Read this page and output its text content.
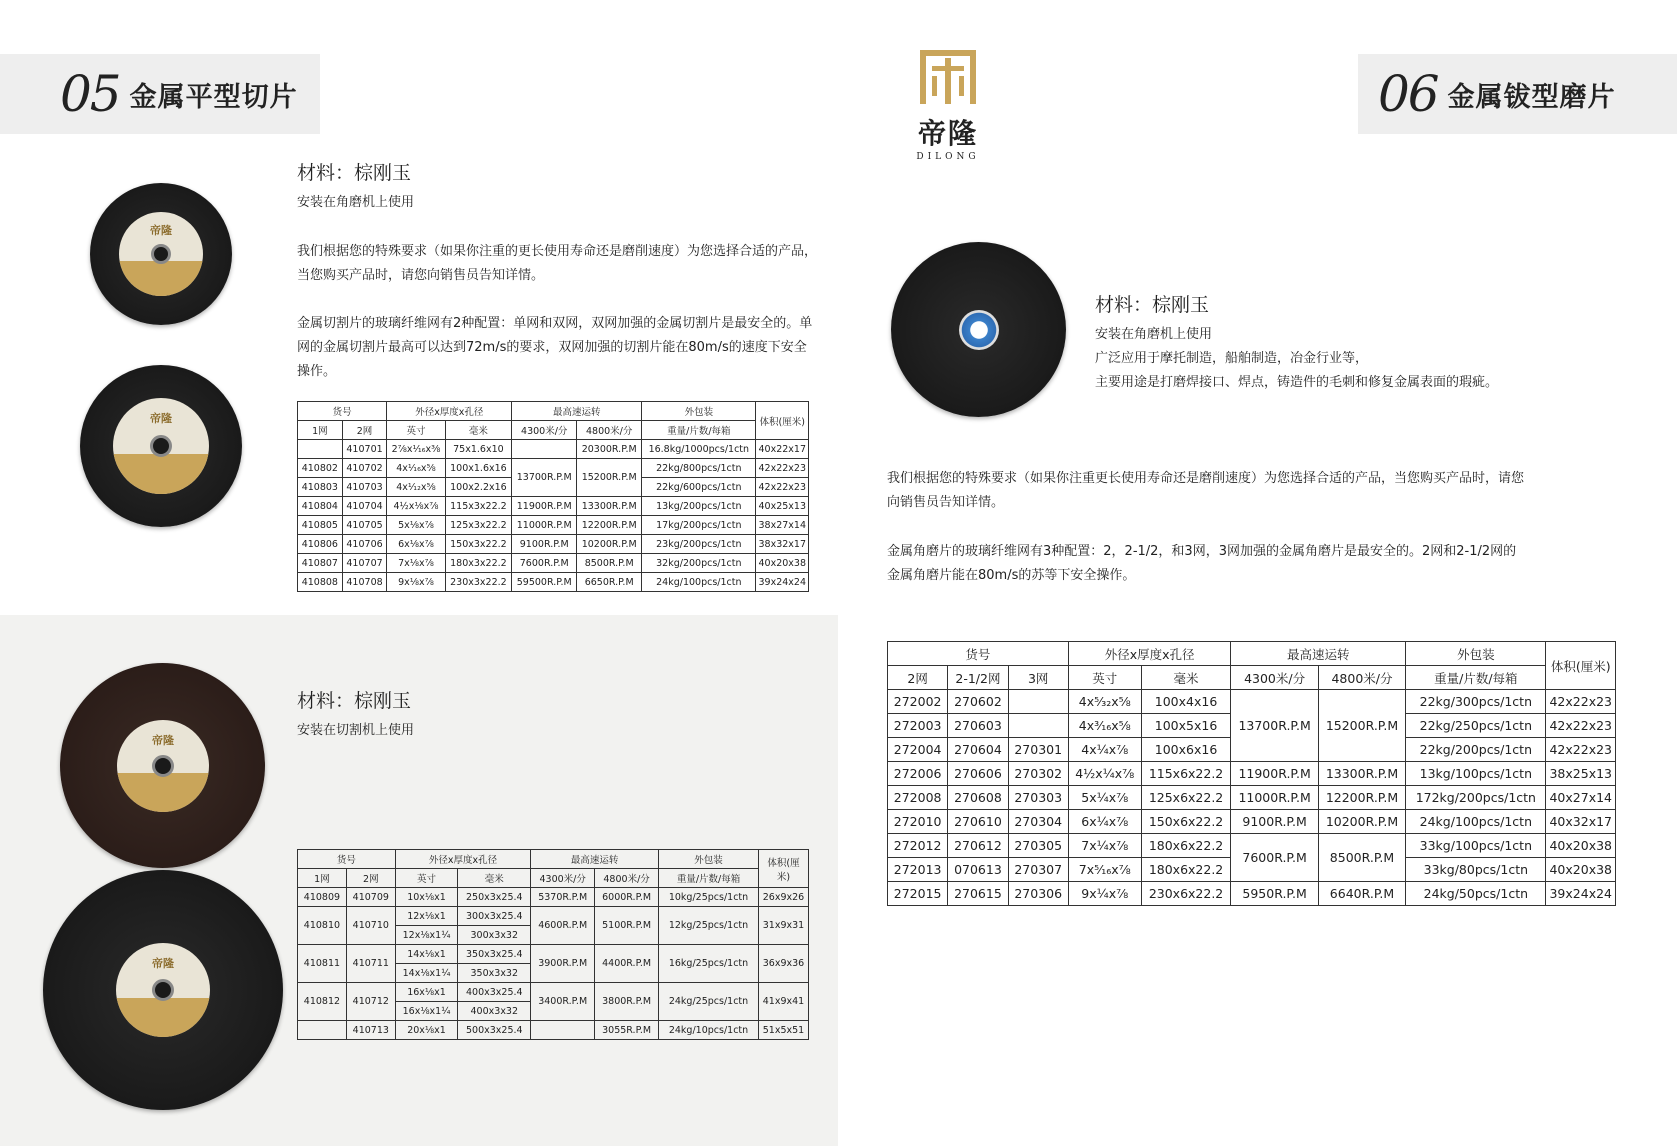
05 金属平型切片	06 金属钹型磨片
帝隆
DILONG
帝隆
帝隆
帝隆
帝隆
材料：棕刚玉
安装在角磨机上使用
我们根据您的特殊要求（如果你注重的更长使用寿命还是磨削速度）为您选择合适的产品，当您购买产品时，请您向销售员告知详情。
金属切割片的玻璃纤维网有2种配置：单网和双网，双网加强的金属切割片是最安全的。单网的金属切割片最高可以达到72m/s的要求，双网加强的切割片能在80m/s的速度下安全操作。
货号		外径x厚度x孔径		最高速运转		外包装	体积(厘米)
1网	2网	英寸	毫米	4300米/分	4800米/分	重量/片数/每箱	
	410701	2⅞x¹⁄₁₆x⅜	75x1.6x10		20300R.P.M	16.8kg/1000pcs/1ctn	40x22x17
410802	410702	4x¹⁄₁₆x⅝	100x1.6x16	13700R.P.M	15200R.P.M	22kg/800pcs/1ctn	42x22x23
410803	410703	4x¹⁄₁₂x⅝	100x2.2x16			22kg/600pcs/1ctn	42x22x23
410804	410704	4½x⅛x⅞	115x3x22.2	11900R.P.M	13300R.P.M	13kg/200pcs/1ctn	40x25x13
410805	410705	5x⅛x⅞	125x3x22.2	11000R.P.M	12200R.P.M	17kg/200pcs/1ctn	38x27x14
410806	410706	6x⅛x⅞	150x3x22.2	9100R.P.M	10200R.P.M	23kg/200pcs/1ctn	38x32x17
410807	410707	7x⅛x⅞	180x3x22.2	7600R.P.M	8500R.P.M	32kg/200pcs/1ctn	40x20x38
410808	410708	9x⅛x⅞	230x3x22.2	59500R.P.M	6650R.P.M	24kg/100pcs/1ctn	39x24x24
材料：棕刚玉
安装在切割机上使用
货号		外径x厚度x孔径		最高速运转		外包装	体积(厘米)
1网	2网	英寸	毫米	4300米/分	4800米/分	重量/片数/每箱	
410809	410709	10x⅛x1	250x3x25.4	5370R.P.M	6000R.P.M	10kg/25pcs/1ctn	26x9x26
410810	410710	12x⅛x1	300x3x25.4	4600R.P.M	5100R.P.M	12kg/25pcs/1ctn	31x9x31
		12x⅛x1¼	300x3x32				
410811	410711	14x⅛x1	350x3x25.4	3900R.P.M	4400R.P.M	16kg/25pcs/1ctn	36x9x36
		14x⅛x1¼	350x3x32				
410812	410712	16x⅛x1	400x3x25.4	3400R.P.M	3800R.P.M	24kg/25pcs/1ctn	41x9x41
		16x⅛x1¼	400x3x32				
	410713	20x⅛x1	500x3x25.4		3055R.P.M	24kg/10pcs/1ctn	51x5x51
材料：棕刚玉
安装在角磨机上使用
广泛应用于摩托制造，船舶制造，冶金行业等，
主要用途是打磨焊接口、焊点，铸造件的毛刺和修复金属表面的瑕疵。
我们根据您的特殊要求（如果你注重更长使用寿命还是磨削速度）为您选择合适的产品，当您购买产品时，请您向销售员告知详情。
金属角磨片的玻璃纤维网有3种配置：2，2-1/2，和3网，3网加强的金属角磨片是最安全的。2网和2-1/2网的金属角磨片能在80m/s的苏等下安全操作。
货号			外径x厚度x孔径		最高速运转		外包装	体积(厘米)
2网	2-1/2网	3网	英寸	毫米	4300米/分	4800米/分	重量/片数/每箱	
272002	270602		4x⁵⁄₃₂x⅝	100x4x16	13700R.P.M	15200R.P.M	22kg/300pcs/1ctn	42x22x23
272003	270603		4x³⁄₁₆x⅝	100x5x16			22kg/250pcs/1ctn	42x22x23
272004	270604	270301	4x¼x⅞	100x6x16			22kg/200pcs/1ctn	42x22x23
272006	270606	270302	4½x¼x⅞	115x6x22.2	11900R.P.M	13300R.P.M	13kg/100pcs/1ctn	38x25x13
272008	270608	270303	5x¼x⅞	125x6x22.2	11000R.P.M	12200R.P.M	172kg/200pcs/1ctn	40x27x14
272010	270610	270304	6x¼x⅞	150x6x22.2	9100R.P.M	10200R.P.M	24kg/100pcs/1ctn	40x32x17
272012	270612	270305	7x¼x⅞	180x6x22.2	7600R.P.M	8500R.P.M	33kg/100pcs/1ctn	40x20x38
272013	070613	270307	7x⁵⁄₁₆x⅞	180x6x22.2			33kg/80pcs/1ctn	40x20x38
272015	270615	270306	9x¼x⅞	230x6x22.2	5950R.P.M	6640R.P.M	24kg/50pcs/1ctn	39x24x24
